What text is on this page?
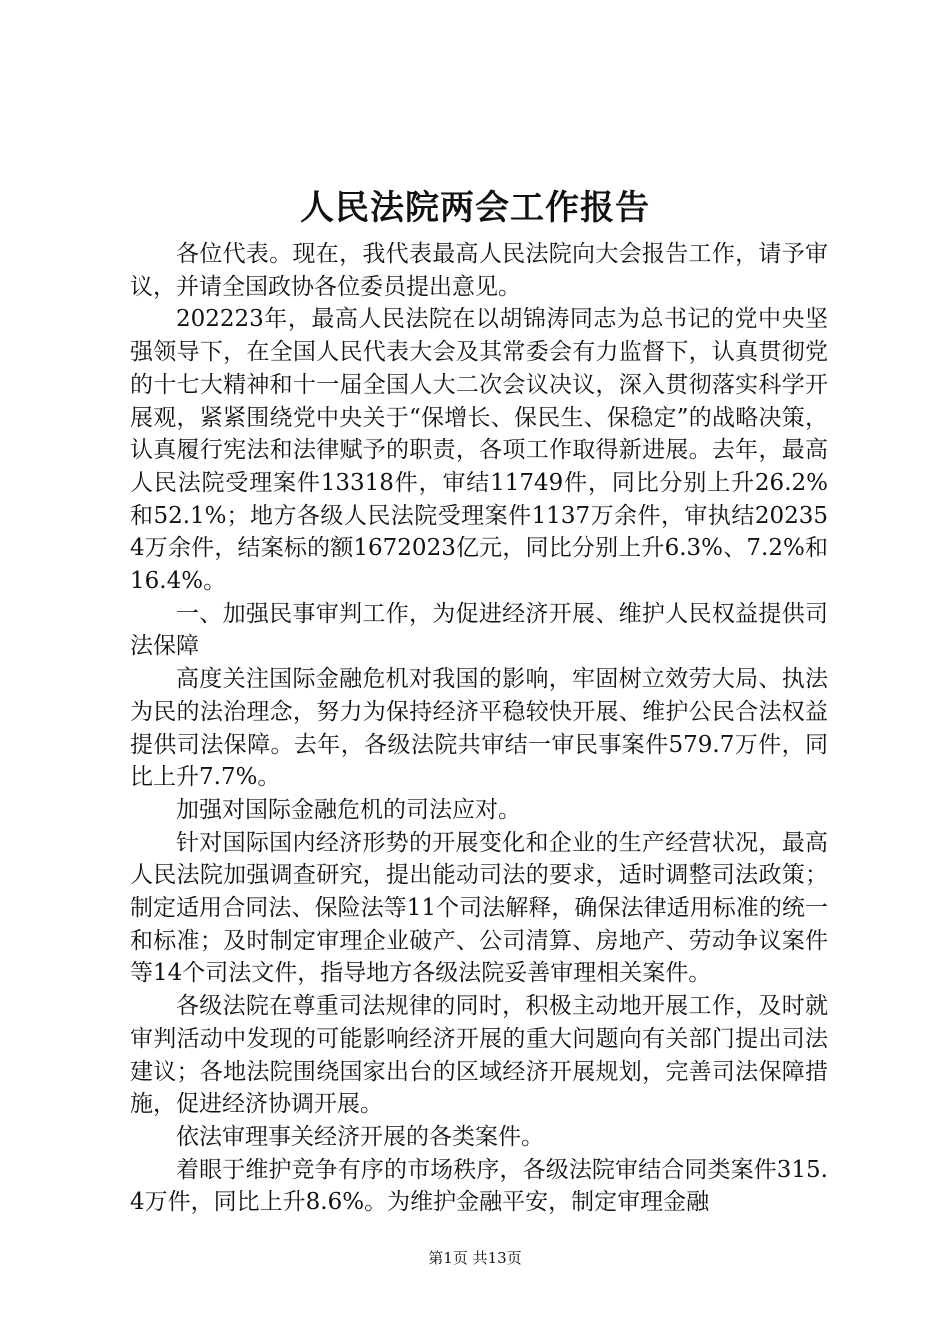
人民法院两会工作报告

各位代表。现在，我代表最高人民法院向大会报告工作，请予审议，并请全国政协各位委员提出意见。

202223年，最高人民法院在以胡锦涛同志为总书记的党中央坚强领导下，在全国人民代表大会及其常委会有力监督下，认真贯彻党的十七大精神和十一届全国人大二次会议决议，深入贯彻落实科学开展观，紧紧围绕党中央关于“保增长、保民生、保稳定”的战略决策，认真履行宪法和法律赋予的职责，各项工作取得新进展。去年，最高人民法院受理案件13318件，审结11749件，同比分别上升26.2%和52.1%；地方各级人民法院受理案件1137万余件，审执结202354万余件，结案标的额1672023亿元，同比分别上升6.3%、7.2%和16.4%。

一、加强民事审判工作，为促进经济开展、维护人民权益提供司法保障

高度关注国际金融危机对我国的影响，牢固树立效劳大局、执法为民的法治理念，努力为保持经济平稳较快开展、维护公民合法权益提供司法保障。去年，各级法院共审结一审民事案件579.7万件，同比上升7.7%。

加强对国际金融危机的司法应对。

针对国际国内经济形势的开展变化和企业的生产经营状况，最高人民法院加强调查研究，提出能动司法的要求，适时调整司法政策；制定适用合同法、保险法等11个司法解释，确保法律适用标准的统一和标准；及时制定审理企业破产、公司清算、房地产、劳动争议案件等14个司法文件，指导地方各级法院妥善审理相关案件。

各级法院在尊重司法规律的同时，积极主动地开展工作，及时就审判活动中发现的可能影响经济开展的重大问题向有关部门提出司法建议；各地法院围绕国家出台的区域经济开展规划，完善司法保障措施，促进经济协调开展。

依法审理事关经济开展的各类案件。

着眼于维护竞争有序的市场秩序，各级法院审结合同类案件315.4万件，同比上升8.6%。为维护金融平安，制定审理金融

第1页 共13页
